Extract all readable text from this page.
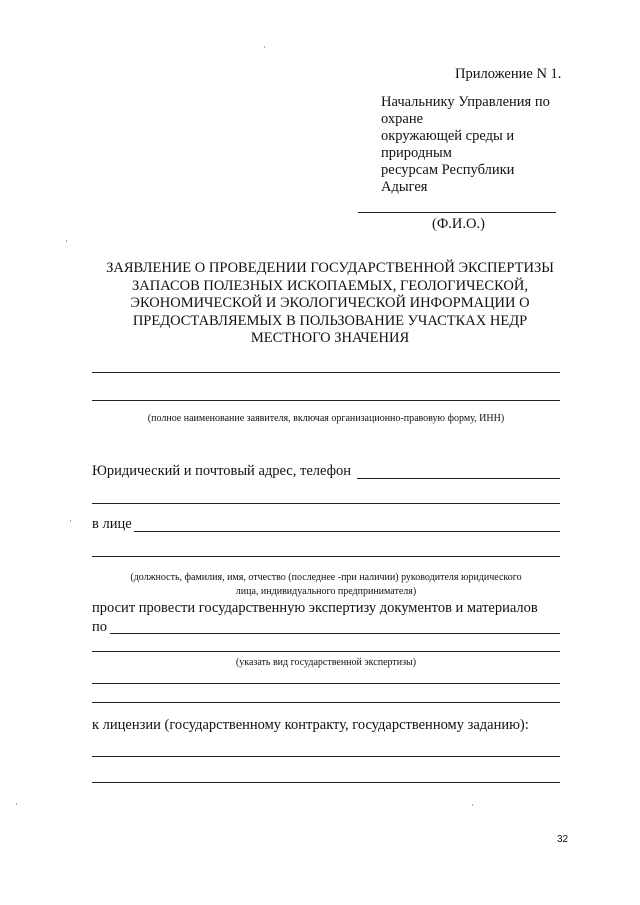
Приложение N 1.
Начальнику Управления по
охране
окружающей среды и
природным
ресурсам Республики
Адыгея
(Ф.И.О.)
ЗАЯВЛЕНИЕ О ПРОВЕДЕНИИ ГОСУДАРСТВЕННОЙ ЭКСПЕРТИЗЫ
ЗАПАСОВ ПОЛЕЗНЫХ ИСКОПАЕМЫХ, ГЕОЛОГИЧЕСКОЙ,
ЭКОНОМИЧЕСКОЙ И ЭКОЛОГИЧЕСКОЙ ИНФОРМАЦИИ О
ПРЕДОСТАВЛЯЕМЫХ В ПОЛЬЗОВАНИЕ УЧАСТКАХ НЕДР
МЕСТНОГО ЗНАЧЕНИЯ
(полное наименование заявителя, включая организационно-правовую форму, ИНН)
Юридический и почтовый адрес, телефон
в лице
(должность, фамилия, имя, отчество (последнее -при наличии) руководителя юридического
лица, индивидуального предпринимателя)
просит провести государственную экспертизу документов и материалов
по
(указать вид государственной экспертизы)
к лицензии (государственному контракту, государственному заданию):
32
